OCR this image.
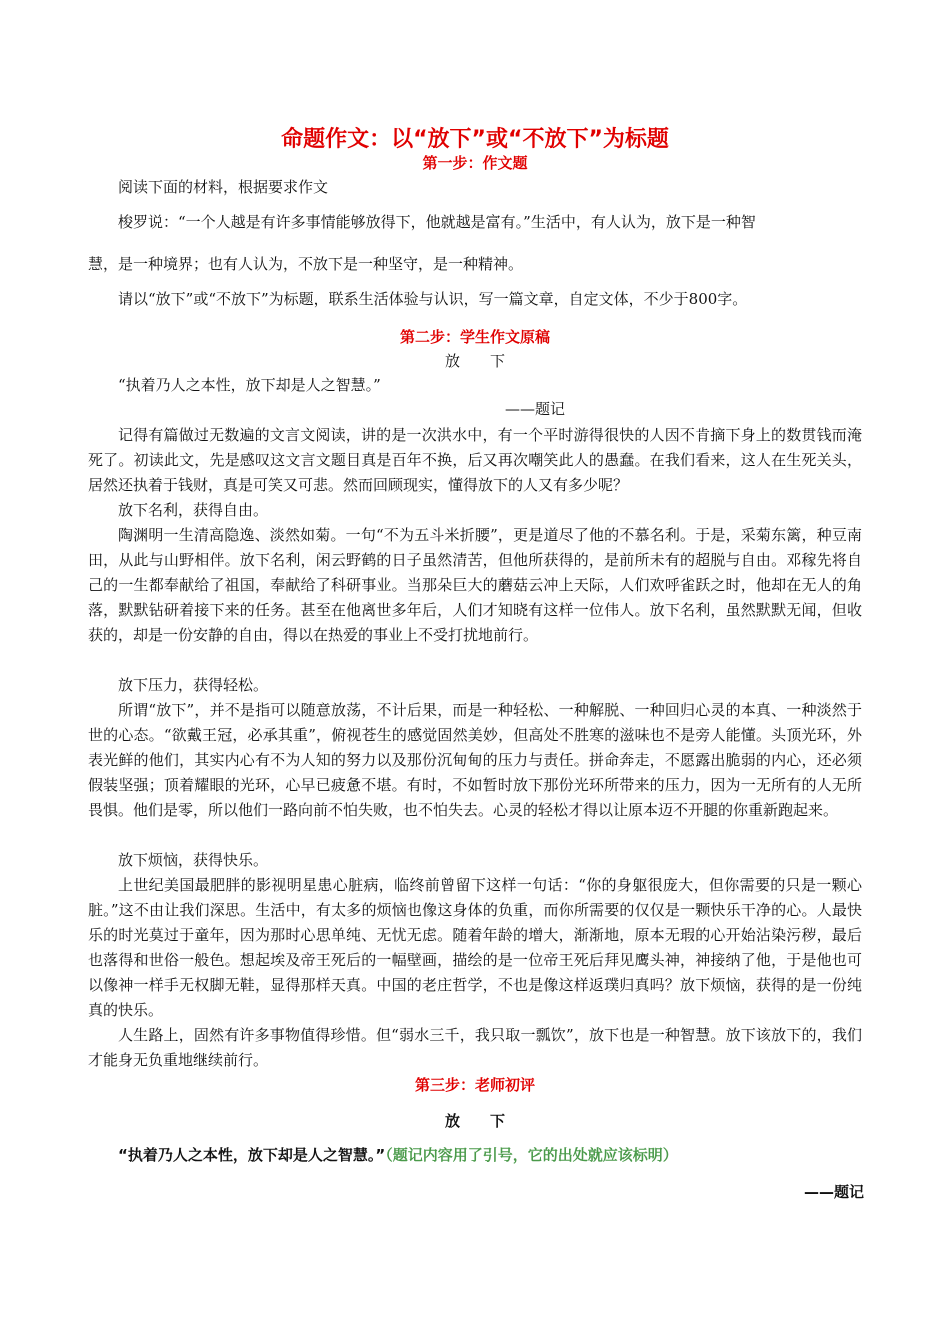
命题作文：以“放下”或“不放下”为标题
第一步：作文题
阅读下面的材料，根据要求作文
梭罗说：“一个人越是有许多事情能够放得下，他就越是富有。”生活中，有人认为，放下是一种智
慧，是一种境界；也有人认为，不放下是一种坚守，是一种精神。
请以“放下”或“不放下”为标题，联系生活体验与认识，写一篇文章，自定文体，不少于800字。
第二步：学生作文原稿
放　　下
“执着乃人之本性，放下却是人之智慧。”
——题记
记得有篇做过无数遍的文言文阅读，讲的是一次洪水中，有一个平时游得很快的人因不肯摘下身上的数贯钱而淹死了。初读此文，先是感叹这文言文题目真是百年不换，后又再次嘲笑此人的愚蠢。在我们看来，这人在生死关头，居然还执着于钱财，真是可笑又可悲。然而回顾现实，懂得放下的人又有多少呢？
放下名利，获得自由。
陶渊明一生清高隐逸、淡然如菊。一句“不为五斗米折腰”，更是道尽了他的不慕名利。于是，采菊东篱，种豆南田，从此与山野相伴。放下名利，闲云野鹤的日子虽然清苦，但他所获得的，是前所未有的超脱与自由。邓稼先将自己的一生都奉献给了祖国，奉献给了科研事业。当那朵巨大的蘑菇云冲上天际，人们欢呼雀跃之时，他却在无人的角落，默默钻研着接下来的任务。甚至在他离世多年后，人们才知晓有这样一位伟人。放下名利，虽然默默无闻，但收获的，却是一份安静的自由，得以在热爱的事业上不受打扰地前行。
放下压力，获得轻松。
所谓“放下”，并不是指可以随意放荡，不计后果，而是一种轻松、一种解脱、一种回归心灵的本真、一种淡然于世的心态。“欲戴王冠，必承其重”，俯视苍生的感觉固然美妙，但高处不胜寒的滋味也不是旁人能懂。头顶光环，外表光鲜的他们，其实内心有不为人知的努力以及那份沉甸甸的压力与责任。拼命奔走，不愿露出脆弱的内心，还必须假装坚强；顶着耀眼的光环，心早已疲惫不堪。有时，不如暂时放下那份光环所带来的压力，因为一无所有的人无所畏惧。他们是零，所以他们一路向前不怕失败，也不怕失去。心灵的轻松才得以让原本迈不开腿的你重新跑起来。
放下烦恼，获得快乐。
上世纪美国最肥胖的影视明星患心脏病，临终前曾留下这样一句话：“你的身躯很庞大，但你需要的只是一颗心脏。”这不由让我们深思。生活中，有太多的烦恼也像这身体的负重，而你所需要的仅仅是一颗快乐干净的心。人最快乐的时光莫过于童年，因为那时心思单纯、无忧无虑。随着年龄的增大，渐渐地，原本无瑕的心开始沾染污秽，最后也落得和世俗一般色。想起埃及帝王死后的一幅壁画，描绘的是一位帝王死后拜见鹰头神，神接纳了他，于是他也可以像神一样手无权脚无鞋，显得那样天真。中国的老庄哲学，不也是像这样返璞归真吗？放下烦恼，获得的是一份纯真的快乐。
人生路上，固然有许多事物值得珍惜。但“弱水三千，我只取一瓢饮”，放下也是一种智慧。放下该放下的，我们才能身无负重地继续前行。
第三步：老师初评
放　　下
“执着乃人之本性，放下却是人之智慧。”（题记内容用了引号，它的出处就应该标明）
——题记
